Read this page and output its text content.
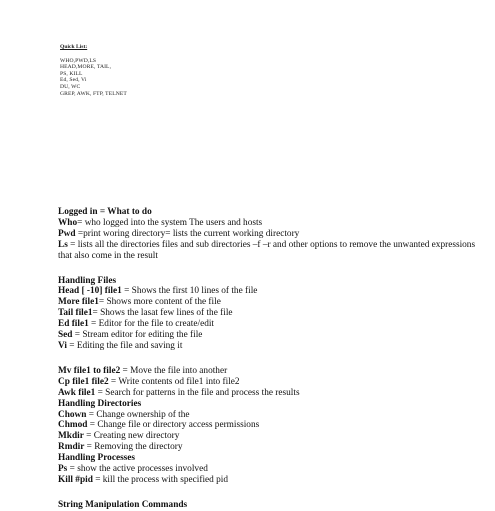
Quick List:
WHO,PWD,LS
HEAD,MORE, TAIL,
PS, KILL
Ed, Sed, Vi
DU, WC
GREP, AWK, FTP, TELNET

Logged in = What to do

Who= who logged into the system The users and hosts

Pwd =print woring directory= lists the current working directory

Ls = lists all the directories files and sub directories –f –r and other options to remove the unwanted expressions that also come in the result

Handling Files

Head [ -10] file1 = Shows the first 10 lines of the file

More file1= Shows more content of the file

Tail file1= Shows the lasat few lines of the file

Ed file1 = Editor for the file to create/edit

Sed = Stream editor for editing the file

Vi = Editing the file and saving it

Mv file1 to file2 = Move the file into another

Cp file1 file2 = Write contents od file1 into file2

Awk file1 = Search for patterns in the file and process the results

Handling Directories

Chown = Change ownership of the

Chmod = Change file or directory access permissions

Mkdir = Creating new directory

Rmdir = Removing the directory

Handling Processes

Ps = show the active processes involved

Kill #pid = kill the process with specified pid

String Manipulation Commands
